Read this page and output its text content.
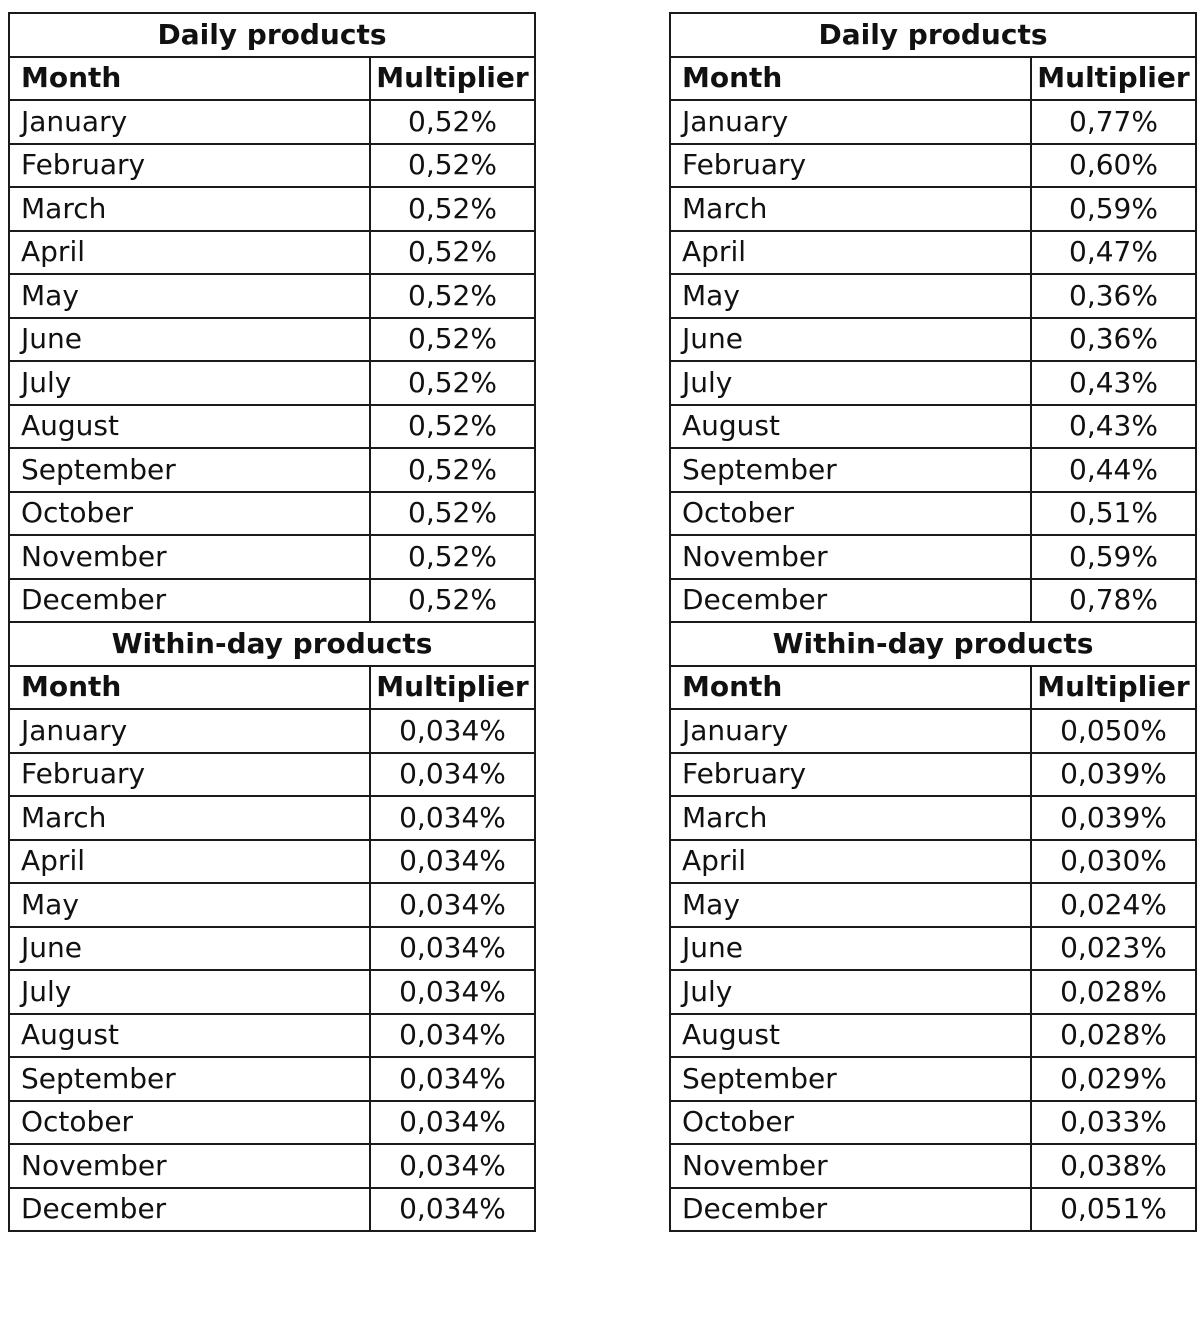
Daily products	
Month	Multiplier
January	0,52%
February	0,52%
March	0,52%
April	0,52%
May	0,52%
June	0,52%
July	0,52%
August	0,52%
September	0,52%
October	0,52%
November	0,52%
December	0,52%
Within-day products	
Month	Multiplier
January	0,034%
February	0,034%
March	0,034%
April	0,034%
May	0,034%
June	0,034%
July	0,034%
August	0,034%
September	0,034%
October	0,034%
November	0,034%
December	0,034%
Daily products	
Month	Multiplier
January	0,77%
February	0,60%
March	0,59%
April	0,47%
May	0,36%
June	0,36%
July	0,43%
August	0,43%
September	0,44%
October	0,51%
November	0,59%
December	0,78%
Within-day products	
Month	Multiplier
January	0,050%
February	0,039%
March	0,039%
April	0,030%
May	0,024%
June	0,023%
July	0,028%
August	0,028%
September	0,029%
October	0,033%
November	0,038%
December	0,051%
